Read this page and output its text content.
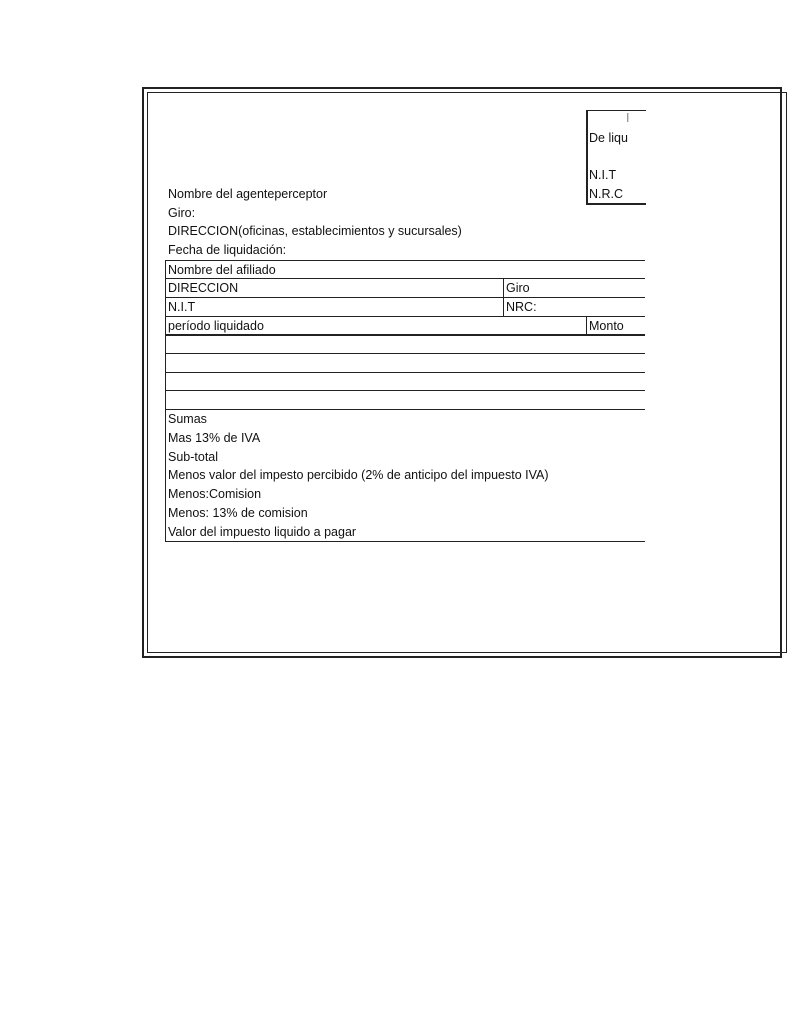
I
De liqu
N.I.T
N.R.C
Nombre del agenteperceptor
Giro:
DIRECCION(oficinas, establecimientos y sucursales)
Fecha de liquidación:
Nombre del afiliado
DIRECCION	Giro
N.I.T	NRC:
período liquidado	Monto
Sumas
Mas 13% de IVA
Sub-total
Menos valor del impesto percibido (2% de anticipo del impuesto IVA)
Menos:Comision
Menos: 13% de comision
Valor del impuesto liquido a pagar
